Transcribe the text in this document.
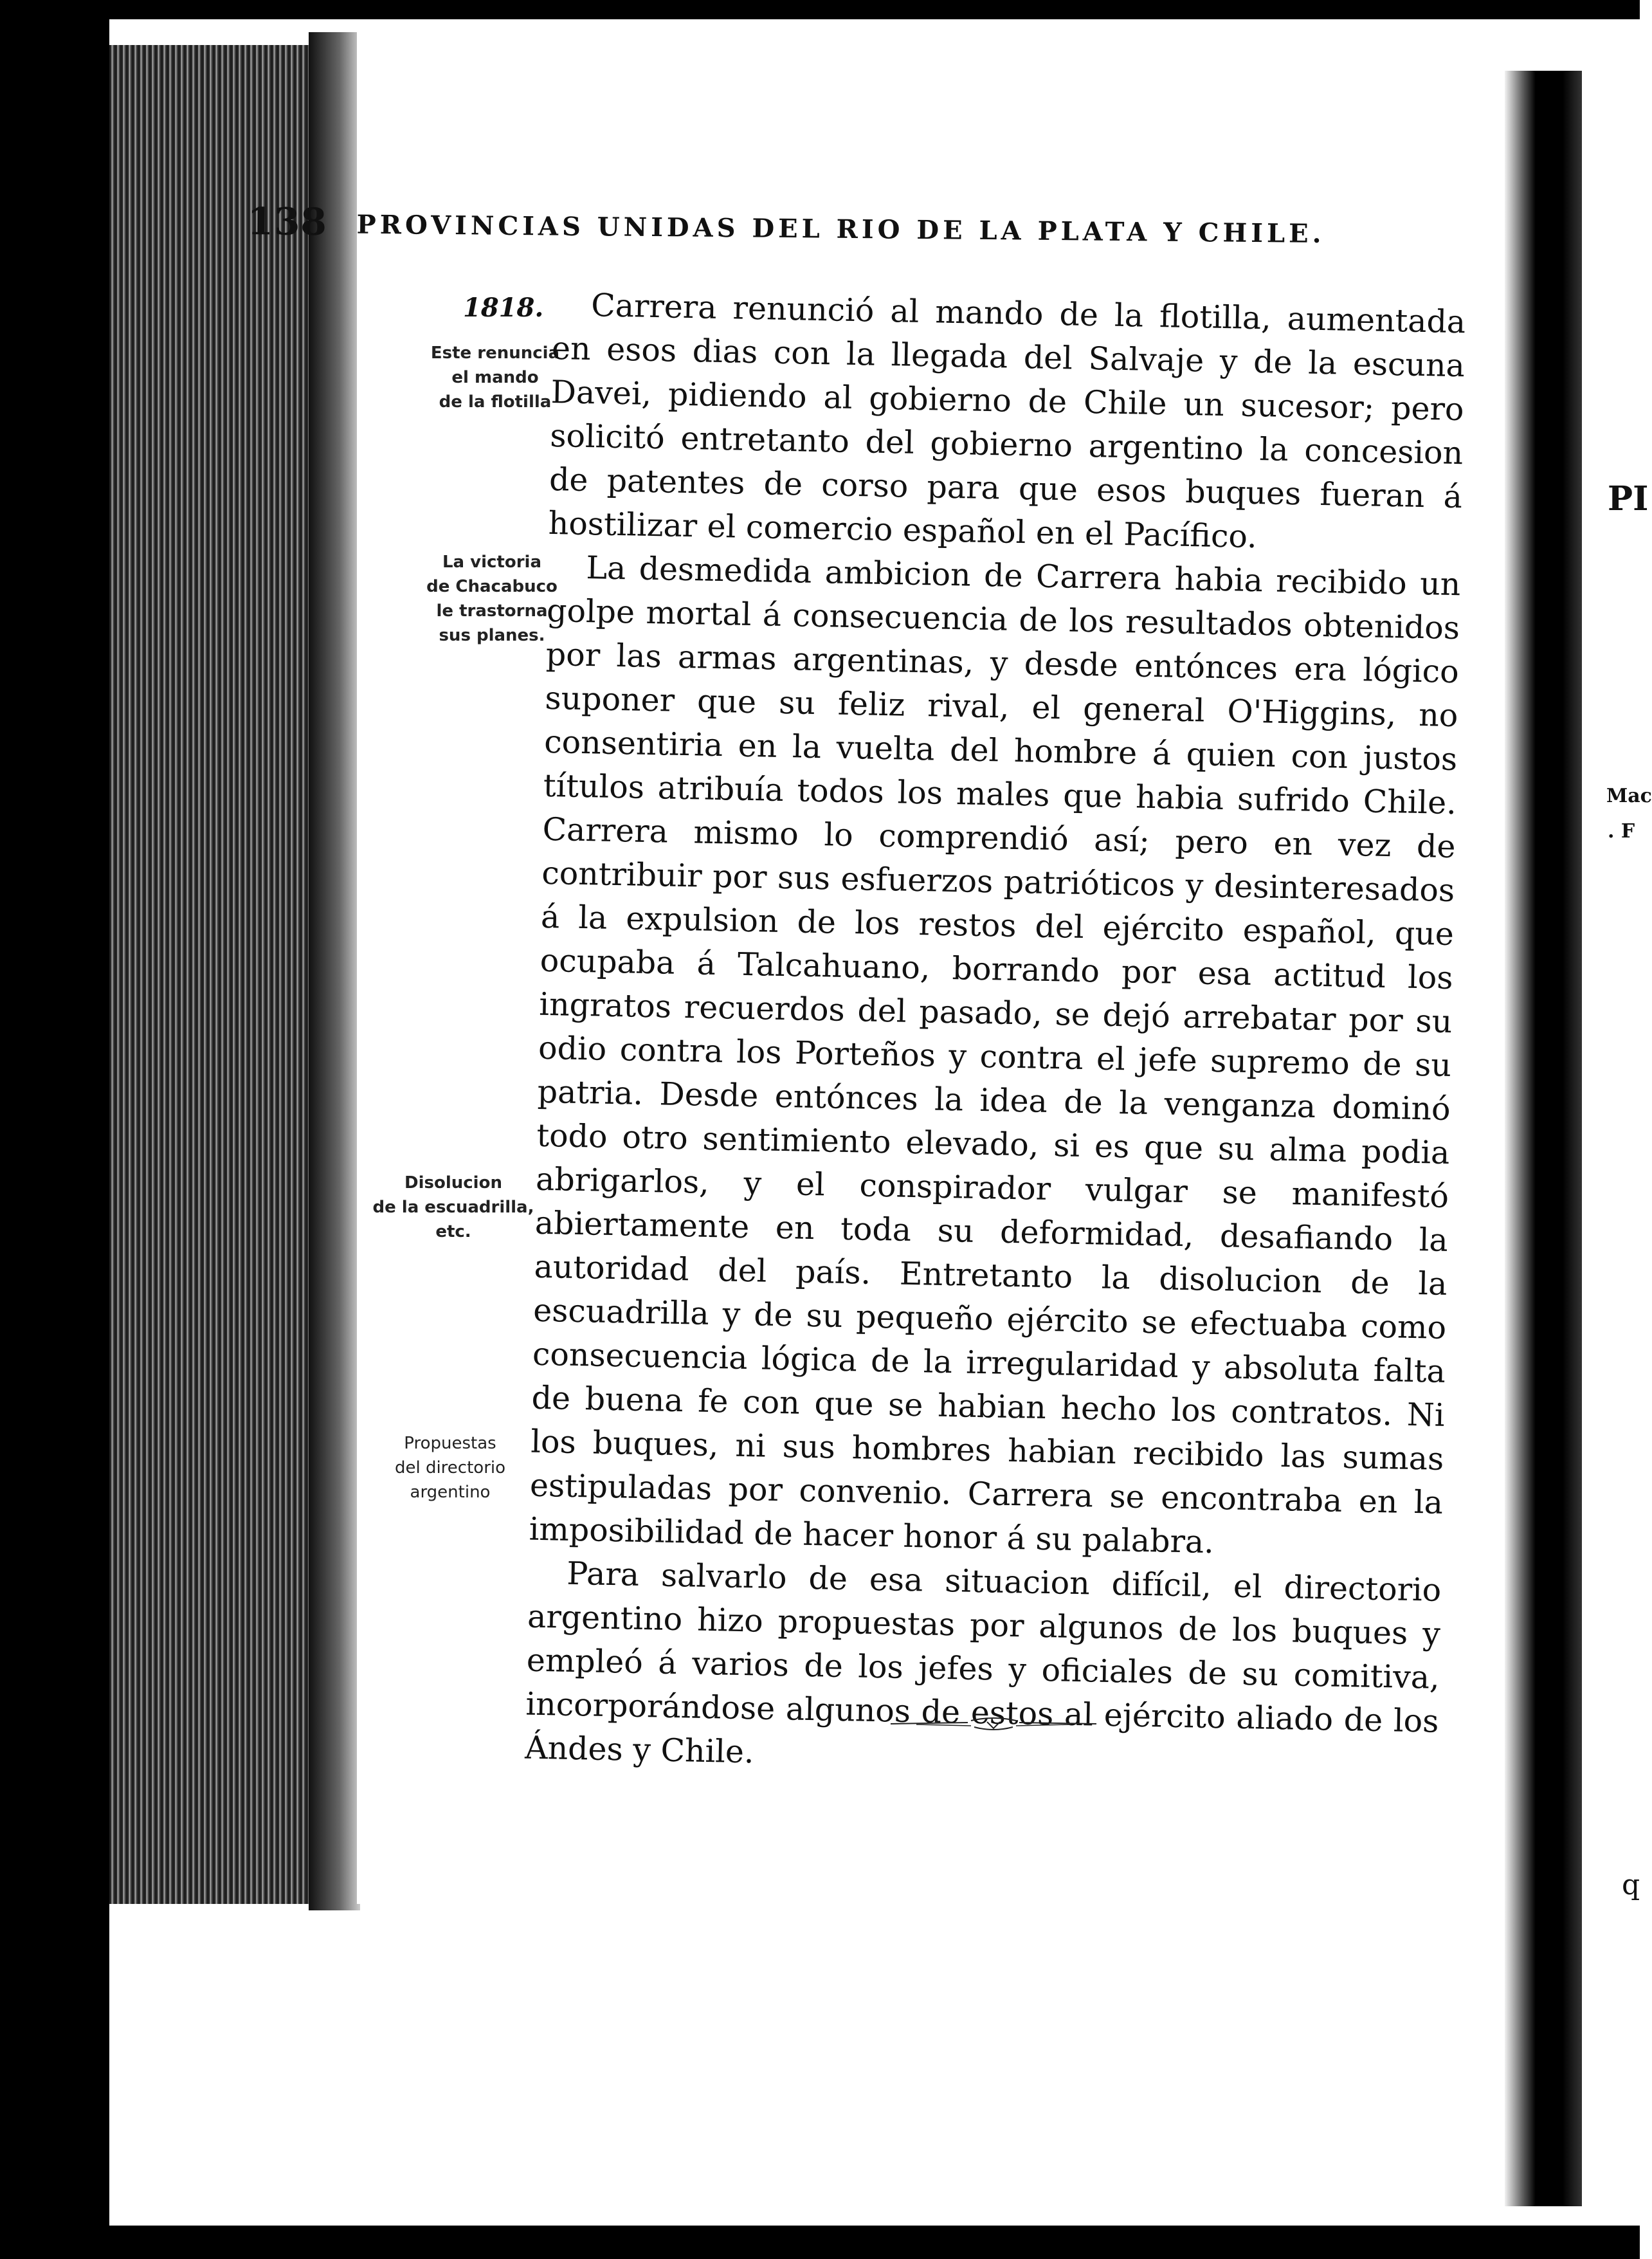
PI
Mac
. F
q
138 PROVINCIAS UNIDAS DEL RIO DE LA PLATA Y CHILE.
1818.
Este renuncia
el mando
de la flotilla
La victoria
de Chacabuco
le trastorna
sus planes.
Disolucion
de la escuadrilla,
etc.
Propuestas
del directorio
argentino

Carrera renunció al mando de la flotilla, aumentada en esos dias con la llegada del Salvaje y de la escuna Davei, pidiendo al gobierno de Chile un sucesor; pero solicitó entretanto del gobierno argentino la concesion de patentes de corso para que esos buques fueran á hostilizar el comercio español en el Pacífico.

La desmedida ambicion de Carrera habia recibido un golpe mortal á consecuencia de los resultados obtenidos por las armas argentinas, y desde entónces era lógico suponer que su feliz rival, el general O'Higgins, no consentiria en la vuelta del hombre á quien con justos títulos atribuía todos los males que habia sufrido Chile. Carrera mismo lo comprendió así; pero en vez de contribuir por sus esfuerzos patrióticos y desinteresados á la expulsion de los restos del ejército español, que ocupaba á Talcahuano, borrando por esa actitud los ingratos recuerdos del pasado, se dejó arrebatar por su odio contra los Porteños y contra el jefe supremo de su patria. Desde entónces la idea de la venganza dominó todo otro sentimiento elevado, si es que su alma podia abrigarlos, y el conspirador vulgar se manifestó abiertamente en toda su deformidad, desafiando la autoridad del país. Entretanto la disolucion de la escuadrilla y de su pequeño ejército se efectuaba como consecuencia lógica de la irregularidad y absoluta falta de buena fe con que se habian hecho los contratos. Ni los buques, ni sus hombres habian recibido las sumas estipuladas por convenio. Carrera se encontraba en la imposibilidad de hacer honor á su palabra.

Para salvarlo de esa situacion difícil, el directorio argentino hizo propuestas por algunos de los buques y empleó á varios de los jefes y oficiales de su comitiva, incorporándose algunos de estos al ejército aliado de los Ándes y Chile.
